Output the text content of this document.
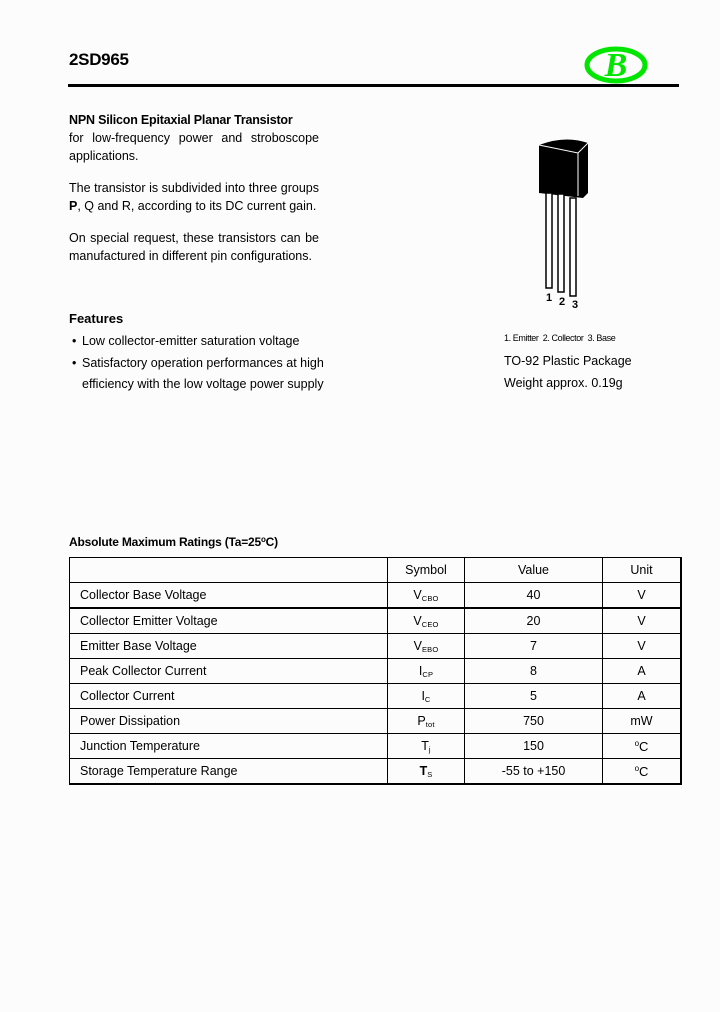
2SD965	B

NPN Silicon Epitaxial Planar Transistor
for low-frequency power and stroboscope applications.

The transistor is subdivided into three groups P, Q and R, according to its DC current gain.

On special request, these transistors can be manufactured in different pin configurations.

Features
• Low collector-emitter saturation voltage
• Satisfactory operation performances at high efficiency with the low voltage power supply
1 2 3
1. Emitter  2. Collector  3. Base
TO-92 Plastic Package
Weight approx. 0.19g
Absolute Maximum Ratings $(Ta=25^oC)$
	Symbol	Value	Unit
Collector Base Voltage	VCBO	40	V
Collector Emitter Voltage	VCEO	20	V
Emitter Base Voltage	VEBO	7	V
Peak Collector Current	ICP	8	A
Collector Current	IC	5	A
Power Dissipation	Ptot	750	mW
Junction Temperature	Tj	150	$^o$C
Storage Temperature Range	TS	-55 to +150	$^o$C
